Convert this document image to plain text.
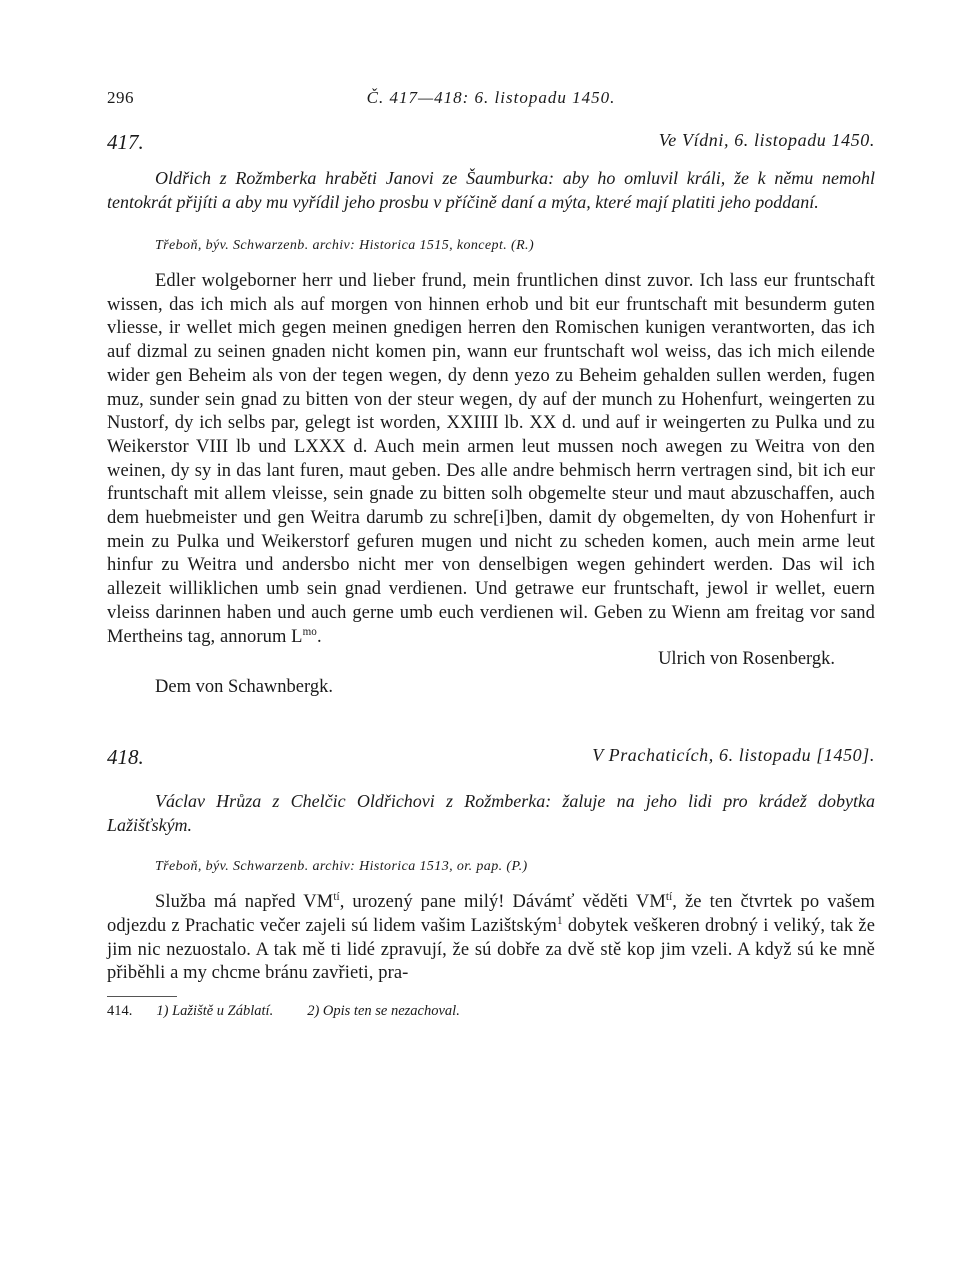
296	Č. 417—418: 6. listopadu 1450.
417.	Ve Vídni, 6. listopadu 1450.

Oldřich z Rožmberka hraběti Janovi ze Šaumburka: aby ho omluvil králi, že k němu nemohl tentokrát přijíti a aby mu vyřídil jeho prosbu v příčině daní a mýta, které mají platiti jeho poddaní.

Třeboň, býv. Schwarzenb. archiv: Historica 1515, koncept. (R.)

Edler wolgeborner herr und lieber frund, mein fruntlichen dinst zuvor. Ich lass eur fruntschaft wissen, das ich mich als auf morgen von hinnen erhob und bit eur fruntschaft mit besunderm guten vliesse, ir wellet mich gegen meinen gnedigen herren den Romischen kunigen verantworten, das ich auf dizmal zu seinen gnaden nicht komen pin, wann eur fruntschaft wol weiss, das ich mich eilende wider gen Beheim als von der tegen wegen, dy denn yezo zu Beheim gehalden sullen werden, fugen muz, sunder sein gnad zu bitten von der steur wegen, dy auf der munch zu Hohenfurt, weingerten zu Nustorf, dy ich selbs par, gelegt ist worden, XXIIII lb. XX d. und auf ir weingerten zu Pulka und zu Weikerstor VIII lb und LXXX d. Auch mein armen leut mussen noch awegen zu Weitra von den weinen, dy sy in das lant furen, maut geben. Des alle andre behmisch herrn vertragen sind, bit ich eur fruntschaft mit allem vleisse, sein gnade zu bitten solh obgemelte steur und maut abzuschaffen, auch dem huebmeister und gen Weitra darumb zu schre[i]ben, damit dy obgemelten, dy von Hohenfurt ir mein zu Pulka und Weikerstorf gefuren mugen und nicht zu scheden komen, auch mein arme leut hinfur zu Weitra und andersbo nicht mer von denselbigen wegen gehindert werden. Das wil ich allezeit williklichen umb sein gnad verdienen. Und getrawe eur fruntschaft, jewol ir wellet, euern vleiss darinnen haben und auch gerne umb euch verdienen wil. Geben zu Wienn am freitag vor sand Mertheins tag, annorum $L^{mo}$.

Ulrich von Rosenbergk.

Dem von Schawnbergk.

418.	V Prachaticích, 6. listopadu [1450].

Václav Hrůza z Chelčic Oldřichovi z Rožmberka: žaluje na jeho lidi pro krádež dobytka Lažišťským.

Třeboň, býv. Schwarzenb. archiv: Historica 1513, or. pap. (P.)

Služba má napřed $VM^{tí}$, urozený pane milý! Dávámť věděti $VM^{tí}$, že ten čtvrtek po vašem odjezdu z Prachatic večer zajeli sú lidem vašim Lazištským$^1$ dobytek veškeren drobný i veliký, tak že jim nic nezuostalo. A tak mě ti lidé zpravují, že sú dobře za dvě stě kop jim vzeli. A když sú ke mně přiběhli a my chcme bránu zavřieti, pra-

414. 1) Lažiště u Záblatí. 2) Opis ten se nezachoval.
